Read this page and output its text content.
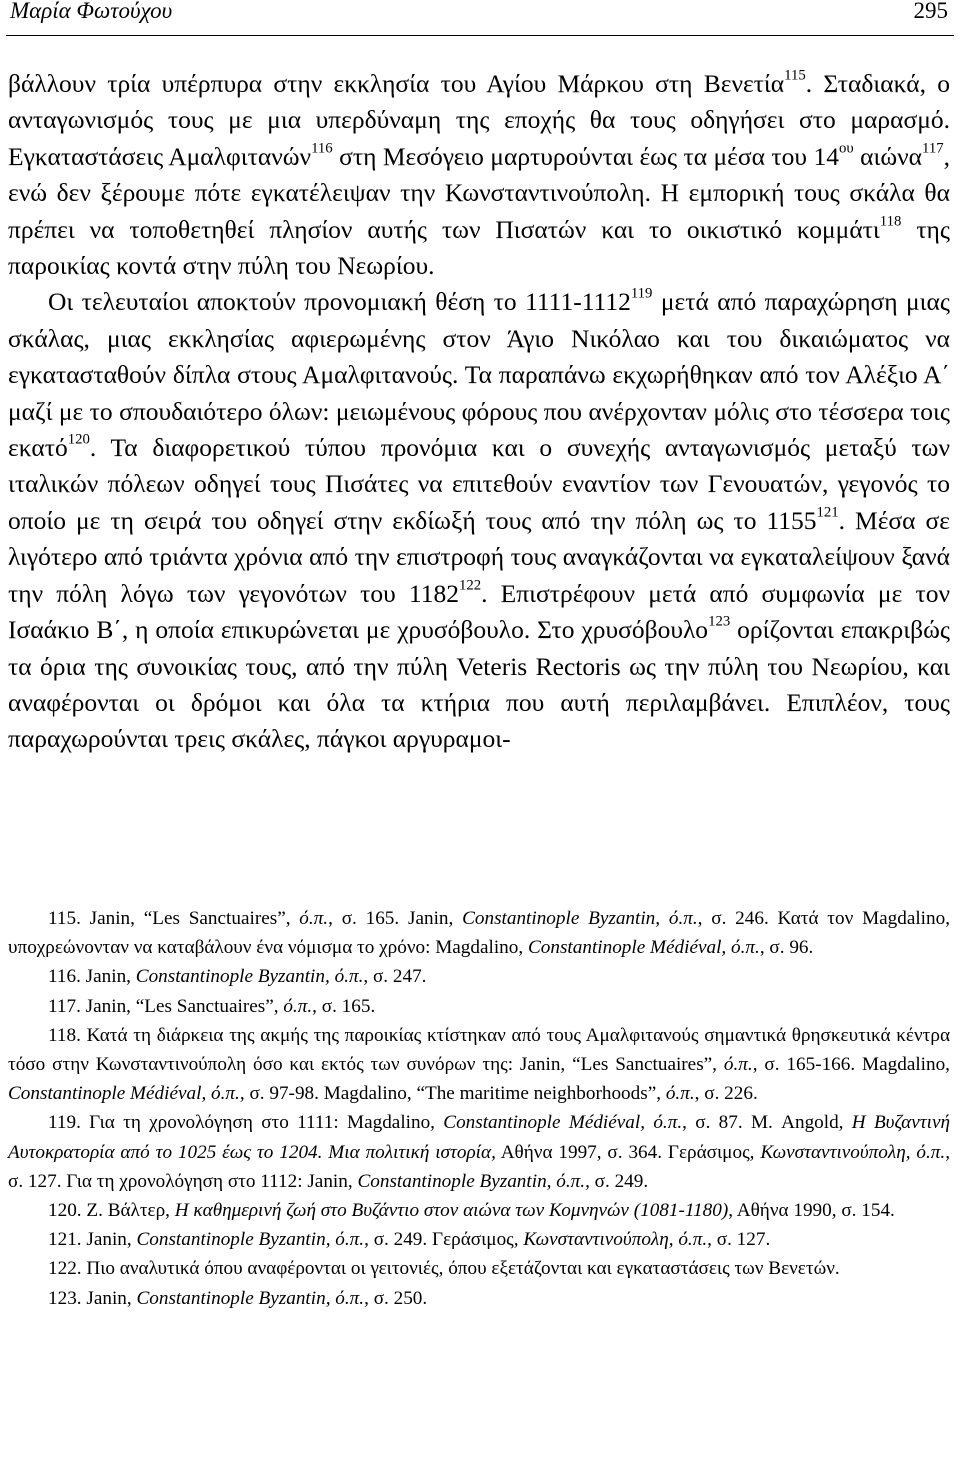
Μαρία Φωτούχου	295

βάλλουν τρία υπέρπυρα στην εκκλησία του Αγίου Μάρκου στη Βενετία$^{115}$. Σταδιακά, ο ανταγωνισμός τους με μια υπερδύναμη της εποχής θα τους οδηγήσει στο μαρασμό. Εγκαταστάσεις Αμαλφιτανών$^{116}$ στη Μεσόγειο μαρτυρούνται έως τα μέσα του $14^{o\upsilon}$ αιώνα$^{117}$, ενώ δεν ξέρουμε πότε εγκατέλειψαν την Κωνσταντινούπολη. Η εμπορική τους σκάλα θα πρέπει να τοποθετηθεί πλησίον αυτής των Πισατών και το οικιστικό κομμάτι$^{118}$ της παροικίας κοντά στην πύλη του Νεωρίου.

Οι τελευταίοι αποκτούν προνομιακή θέση το 1111-1112$^{119}$ μετά από παραχώρηση μιας σκάλας, μιας εκκλησίας αφιερωμένης στον Άγιο Νικόλαο και του δικαιώματος να εγκατασταθούν δίπλα στους Αμαλφιτανούς. Τα παραπάνω εκχωρήθηκαν από τον Αλέξιο Α΄ μαζί με το σπουδαιότερο όλων: μειωμένους φόρους που ανέρχονταν μόλις στο τέσσερα τοις εκατό$^{120}$. Τα διαφορετικού τύπου προνόμια και ο συνεχής ανταγωνισμός μεταξύ των ιταλικών πόλεων οδηγεί τους Πισάτες να επιτεθούν εναντίον των Γενουατών, γεγονός το οποίο με τη σειρά του οδηγεί στην εκδίωξή τους από την πόλη ως το 1155$^{121}$. Μέσα σε λιγότερο από τριάντα χρόνια από την επιστροφή τους αναγκάζονται να εγκαταλείψουν ξανά την πόλη λόγω των γεγονότων του 1182$^{122}$. Επιστρέφουν μετά από συμφωνία με τον Ισαάκιο Β΄, η οποία επικυρώνεται με χρυσόβουλο. Στο χρυσόβουλο$^{123}$ ορίζονται επακριβώς τα όρια της συνοικίας τους, από την πύλη Veteris Rectoris ως την πύλη του Νεωρίου, και αναφέρονται οι δρόμοι και όλα τα κτήρια που αυτή περιλαμβάνει. Επιπλέον, τους παραχωρούνται τρεις σκάλες, πάγκοι αργυραμοι-

115. Janin, “Les Sanctuaires”, ό.π., σ. 165. Janin, Constantinople Byzantin, ό.π., σ. 246. Κατά τον Magdalino, υποχρεώνονταν να καταβάλουν ένα νόμισμα το χρόνο: Magdalino, Constantinople Médiéval, ό.π., σ. 96.

116. Janin, Constantinople Byzantin, ό.π., σ. 247.

117. Janin, “Les Sanctuaires”, ό.π., σ. 165.

118. Κατά τη διάρκεια της ακμής της παροικίας κτίστηκαν από τους Αμαλφιτανούς σημαντικά θρησκευτικά κέντρα τόσο στην Κωνσταντινούπολη όσο και εκτός των συνόρων της: Janin, “Les Sanctuaires”, ό.π., σ. 165-166. Magdalino, Constantinople Médiéval, ό.π., σ. 97-98. Magdalino, “The maritime neighborhoods”, ό.π., σ. 226.

119. Για τη χρονολόγηση στο 1111: Magdalino, Constantinople Médiéval, ό.π., σ. 87. Μ. Angold, Η Βυζαντινή Αυτοκρατορία από το 1025 έως το 1204. Μια πολιτική ιστορία, Αθήνα 1997, σ. 364. Γεράσιμος, Κωνσταντινούπολη, ό.π., σ. 127. Για τη χρονολόγηση στο 1112: Janin, Constantinople Byzantin, ό.π., σ. 249.

120. Ζ. Βάλτερ, Η καθημερινή ζωή στο Βυζάντιο στον αιώνα των Κομνηνών (1081-1180), Αθήνα 1990, σ. 154.

121. Janin, Constantinople Byzantin, ό.π., σ. 249. Γεράσιμος, Κωνσταντινούπολη, ό.π., σ. 127.

122. Πιο αναλυτικά όπου αναφέρονται οι γειτονιές, όπου εξετάζονται και εγκαταστάσεις των Βενετών.

123. Janin, Constantinople Byzantin, ό.π., σ. 250.
